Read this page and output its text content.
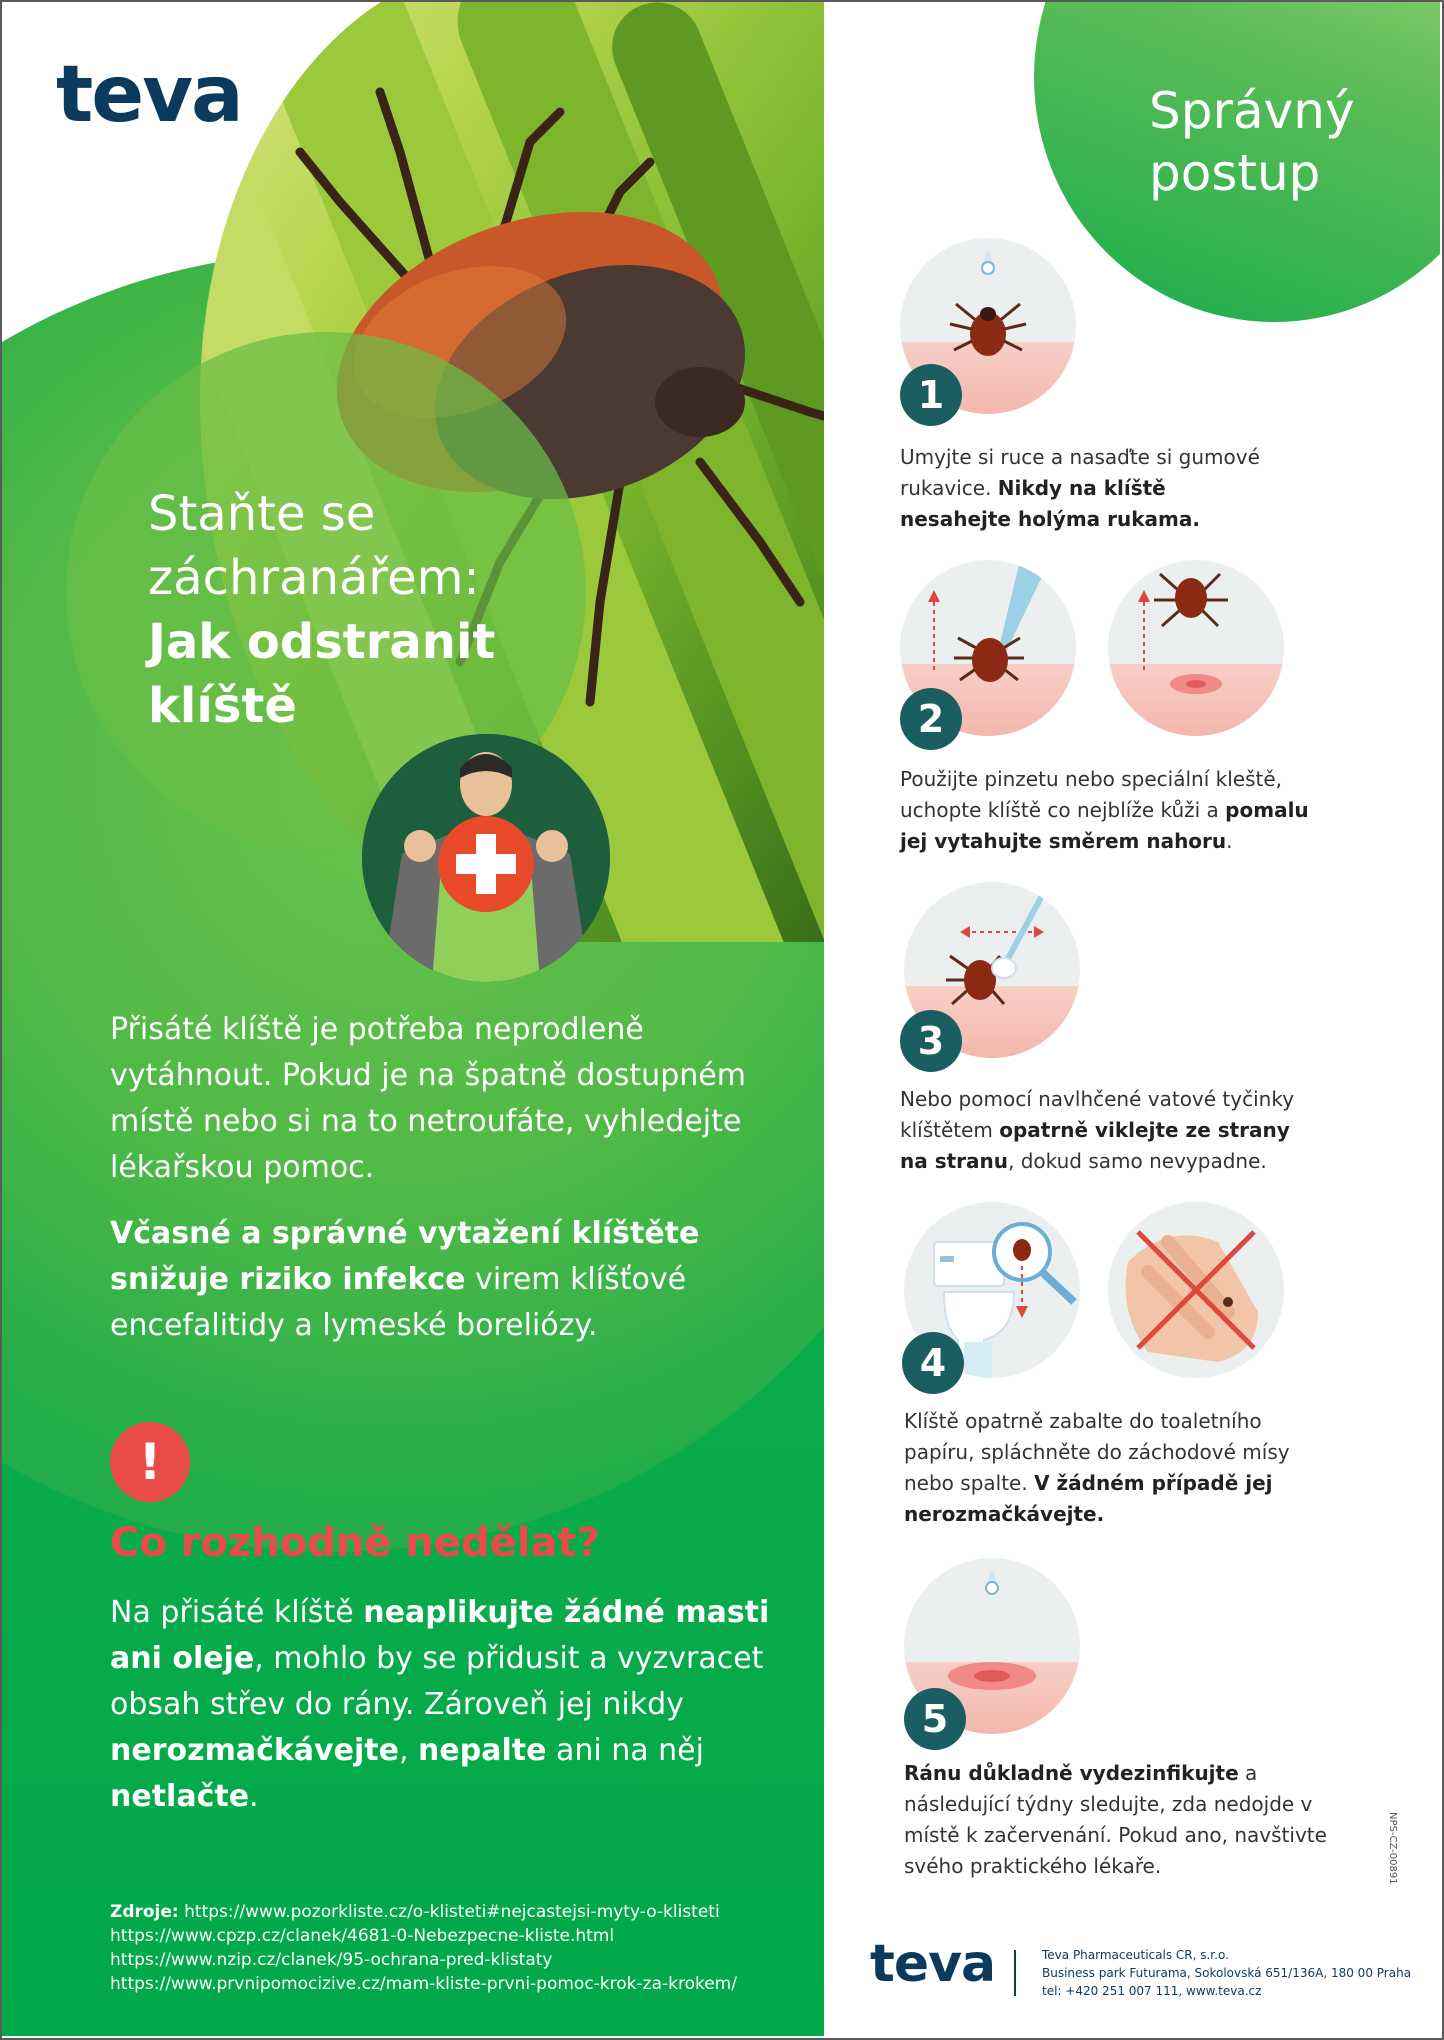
teva
Staňte se
záchranářem:
Jak odstranit
klíště

Přisáté klíště je potřeba neprodleně vytáhnout. Pokud je na špatně dostupném místě nebo si na to netroufáte, vyhledejte lékařskou pomoc.

Včasné a správné vytažení klíštěte snižuje riziko infekce virem klíšťové encefalitidy a lymeské boreliózy.

!
Co rozhodně nedělat?
Na přisáté klíště neaplikujte žádné masti ani oleje, mohlo by se přidusit a vyzvracet obsah střev do rány. Zároveň jej nikdy nerozmačkávejte, nepalte ani na něj netlačte.
Zdroje: https://www.pozorkliste.cz/o-klisteti#nejcastejsi-myty-o-klisteti
https://www.cpzp.cz/clanek/4681-0-Nebezpecne-kliste.html
https://www.nzip.cz/clanek/95-ochrana-pred-klistaty
https://www.prvnipomocizive.cz/mam-kliste-prvni-pomoc-krok-za-krokem/
Správný
postup
1
Umyjte si ruce a nasaďte si gumové rukavice. Nikdy na klíště nesahejte holýma rukama.
2
Použijte pinzetu nebo speciální kleště, uchopte klíště co nejblíže kůži a pomalu jej vytahujte směrem nahoru.
3
Nebo pomocí navlhčené vatové tyčinky klíštětem opatrně viklejte ze strany na stranu, dokud samo nevypadne.
4
Klíště opatrně zabalte do toaletního papíru, spláchněte do záchodové mísy nebo spalte. V žádném případě jej nerozmačkávejte.
5
Ránu důkladně vydezinfikujte a následující týdny sledujte, zda nedojde v místě k začervenání. Pokud ano, navštivte svého praktického lékaře.	NPS-CZ-00891
teva	Teva Pharmaceuticals CR, s.r.o.
Business park Futurama, Sokolovská 651/136A, 180 00 Praha
tel: +420 251 007 111, www.teva.cz
